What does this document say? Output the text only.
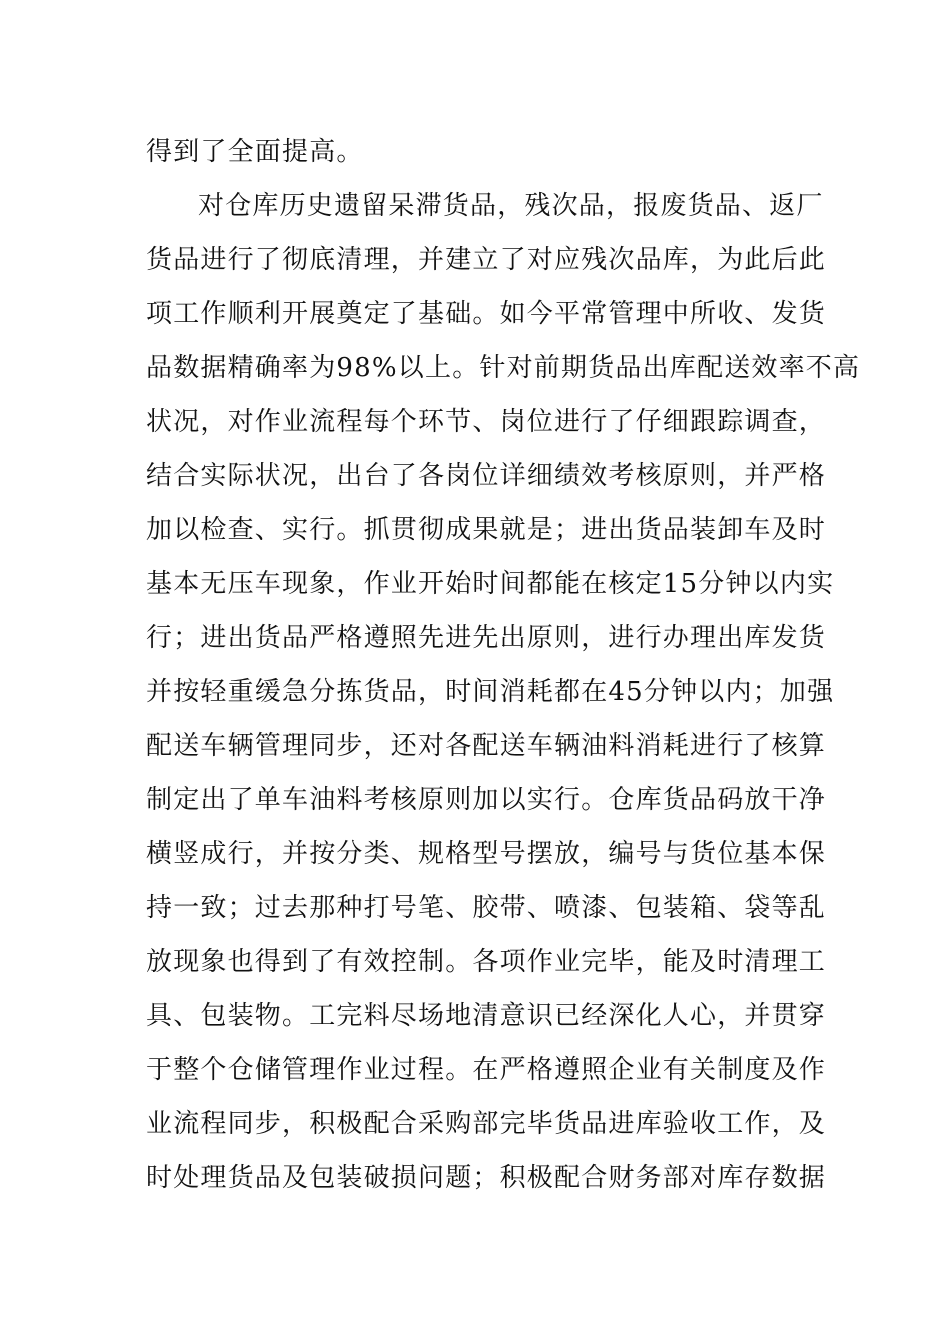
得到了全面提高。
对仓库历史遗留呆滞货品，残次品，报废货品、返厂
货品进行了彻底清理，并建立了对应残次品库，为此后此
项工作顺利开展奠定了基础。如今平常管理中所收、发货
品数据精确率为98%以上。针对前期货品出库配送效率不高
状况，对作业流程每个环节、岗位进行了仔细跟踪调查，
结合实际状况，出台了各岗位详细绩效考核原则，并严格
加以检查、实行。抓贯彻成果就是；进出货品装卸车及时
基本无压车现象，作业开始时间都能在核定15分钟以内实
行；进出货品严格遵照先进先出原则，进行办理出库发货
并按轻重缓急分拣货品，时间消耗都在45分钟以内；加强
配送车辆管理同步，还对各配送车辆油料消耗进行了核算
制定出了单车油料考核原则加以实行。仓库货品码放干净
横竖成行，并按分类、规格型号摆放，编号与货位基本保
持一致；过去那种打号笔、胶带、喷漆、包装箱、袋等乱
放现象也得到了有效控制。各项作业完毕，能及时清理工
具、包装物。工完料尽场地清意识已经深化人心，并贯穿
于整个仓储管理作业过程。在严格遵照企业有关制度及作
业流程同步，积极配合采购部完毕货品进库验收工作，及
时处理货品及包装破损问题；积极配合财务部对库存数据
